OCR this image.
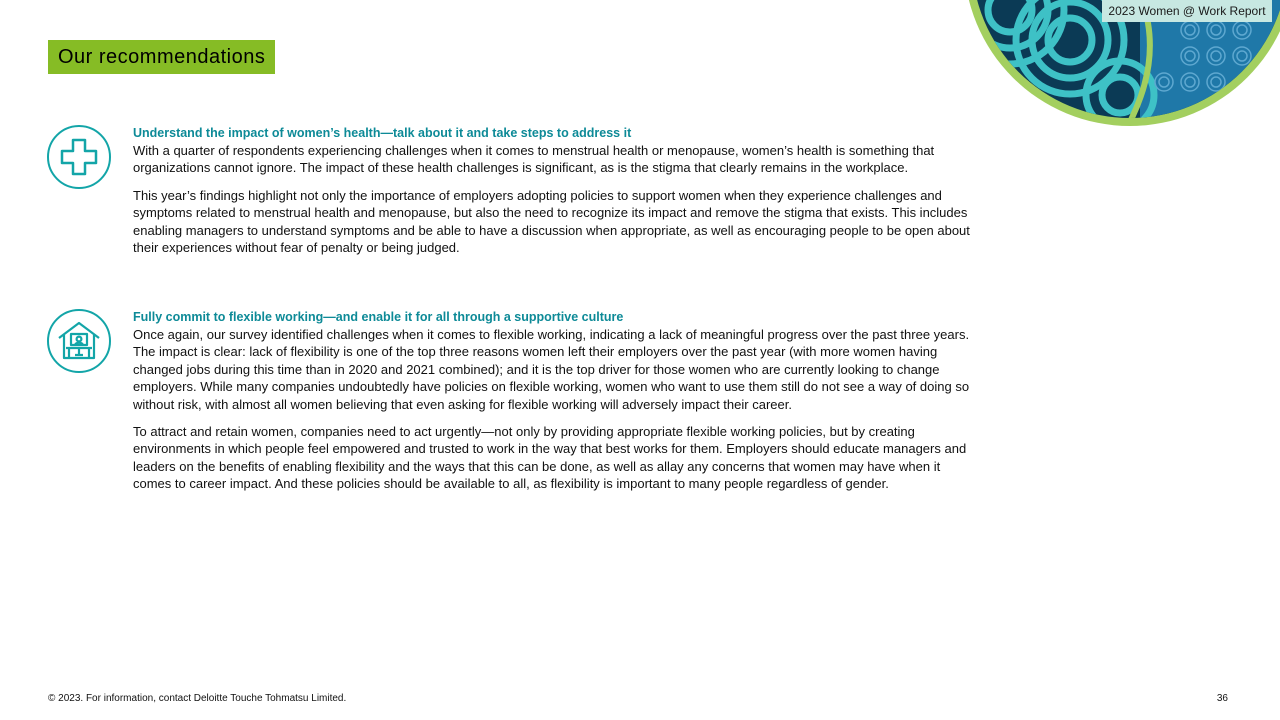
2023 Women @ Work Report
Our recommendations

Understand the impact of women’s health—talk about it and take steps to address it

With a quarter of respondents experiencing challenges when it comes to menstrual health or menopause, women’s health is something that organizations cannot ignore. The impact of these health challenges is significant, as is the stigma that clearly remains in the workplace.

This year’s findings highlight not only the importance of employers adopting policies to support women when they experience challenges and symptoms related to menstrual health and menopause, but also the need to recognize its impact and remove the stigma that exists. This includes enabling managers to understand symptoms and be able to have a discussion when appropriate, as well as encouraging people to be open about their experiences without fear of penalty or being judged.

Fully commit to flexible working—and enable it for all through a supportive culture

Once again, our survey identified challenges when it comes to flexible working, indicating a lack of meaningful progress over the past three years. The impact is clear: lack of flexibility is one of the top three reasons women left their employers over the past year (with more women having changed jobs during this time than in 2020 and 2021 combined); and it is the top driver for those women who are currently looking to change employers. While many companies undoubtedly have policies on flexible working, women who want to use them still do not see a way of doing so without risk, with almost all women believing that even asking for flexible working will adversely impact their career.

To attract and retain women, companies need to act urgently—not only by providing appropriate flexible working policies, but by creating environments in which people feel empowered and trusted to work in the way that best works for them. Employers should educate managers and leaders on the benefits of enabling flexibility and the ways that this can be done, as well as allay any concerns that women may have when it comes to career impact. And these policies should be available to all, as flexibility is important to many people regardless of gender.

© 2023. For information, contact Deloitte Touche Tohmatsu Limited.	36
